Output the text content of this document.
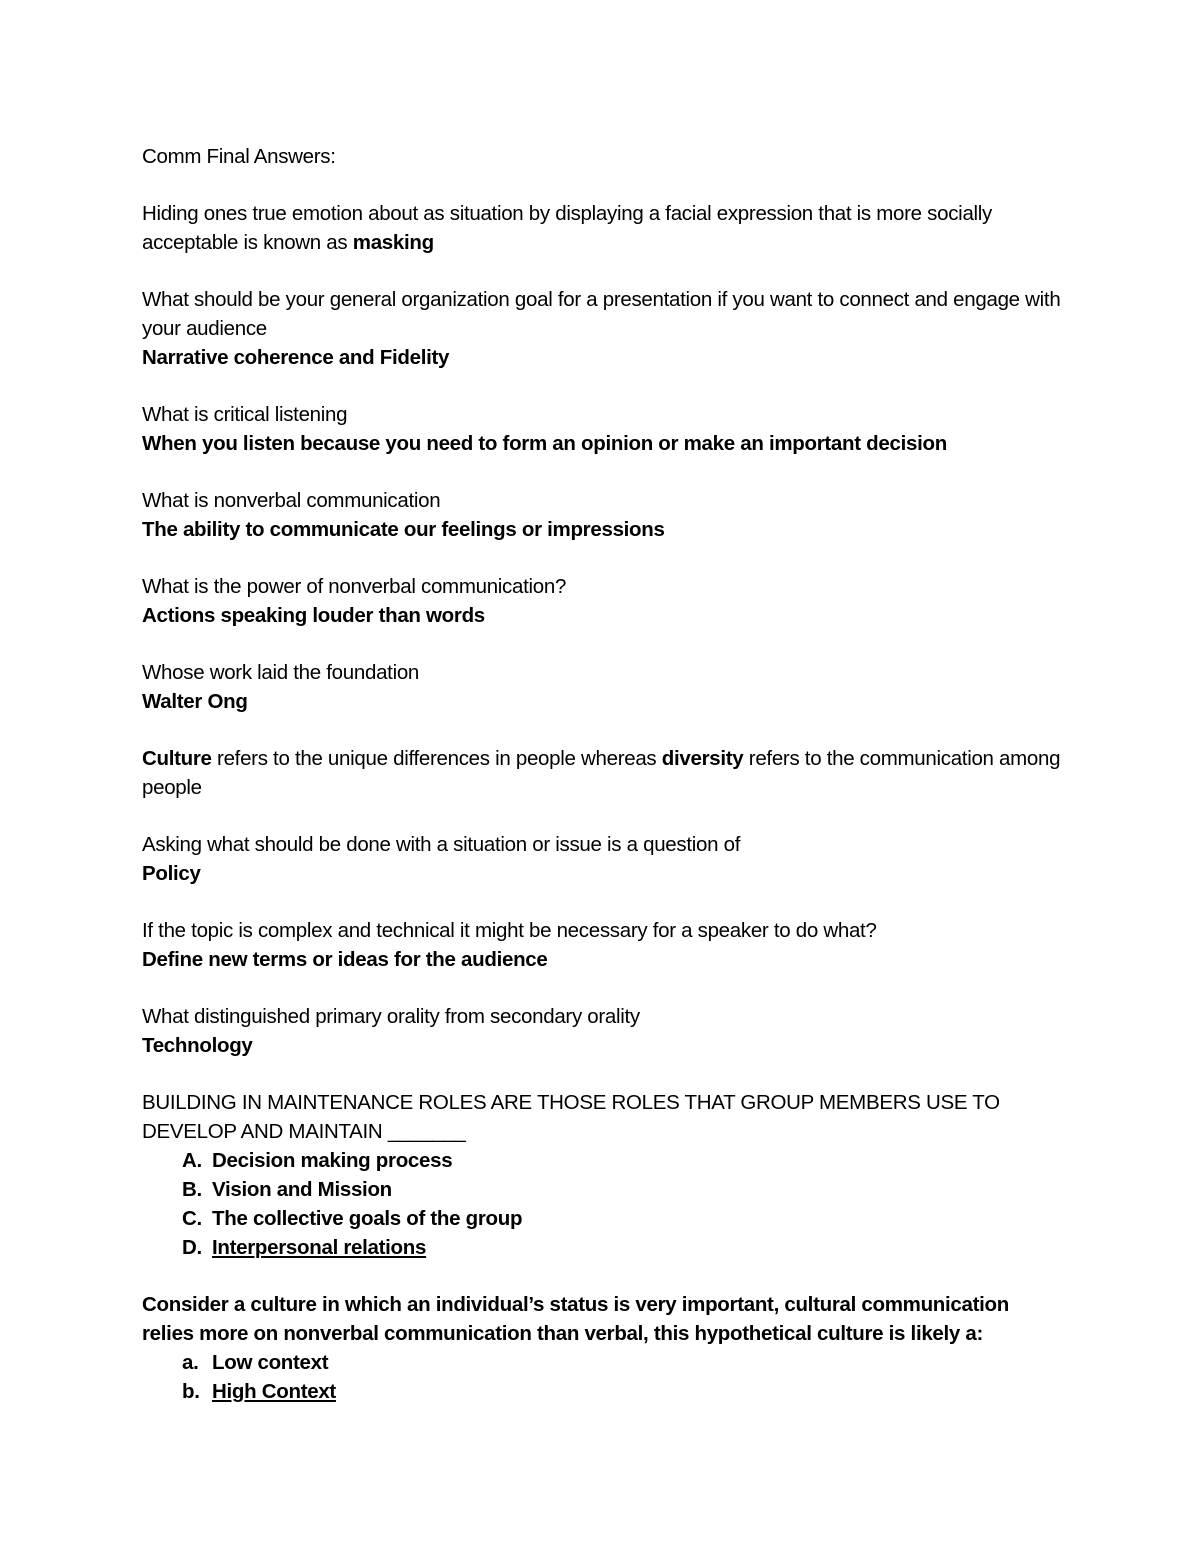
Comm Final Answers:

Hiding ones true emotion about as situation by displaying a facial expression that is more socially acceptable is known as masking

What should be your general organization goal for a presentation if you want to connect and engage with your audience

Narrative coherence and Fidelity

What is critical listening

When you listen because you need to form an opinion or make an important decision

What is nonverbal communication

The ability to communicate our feelings or impressions

What is the power of nonverbal communication?

Actions speaking louder than words

Whose work laid the foundation

Walter Ong

Culture refers to the unique differences in people whereas diversity refers to the communication among people

Asking what should be done with a situation or issue is a question of

Policy

If the topic is complex and technical it might be necessary for a speaker to do what?

Define new terms or ideas for the audience

What distinguished primary orality from secondary orality

Technology

BUILDING IN MAINTENANCE ROLES ARE THOSE ROLES THAT GROUP MEMBERS USE TO DEVELOP AND MAINTAIN _______

A. Decision making process
B. Vision and Mission
C. The collective goals of the group
D. Interpersonal relations

Consider a culture in which an individual’s status is very important, cultural communication relies more on nonverbal communication than verbal, this hypothetical culture is likely a:

a. Low context
b. High Context
